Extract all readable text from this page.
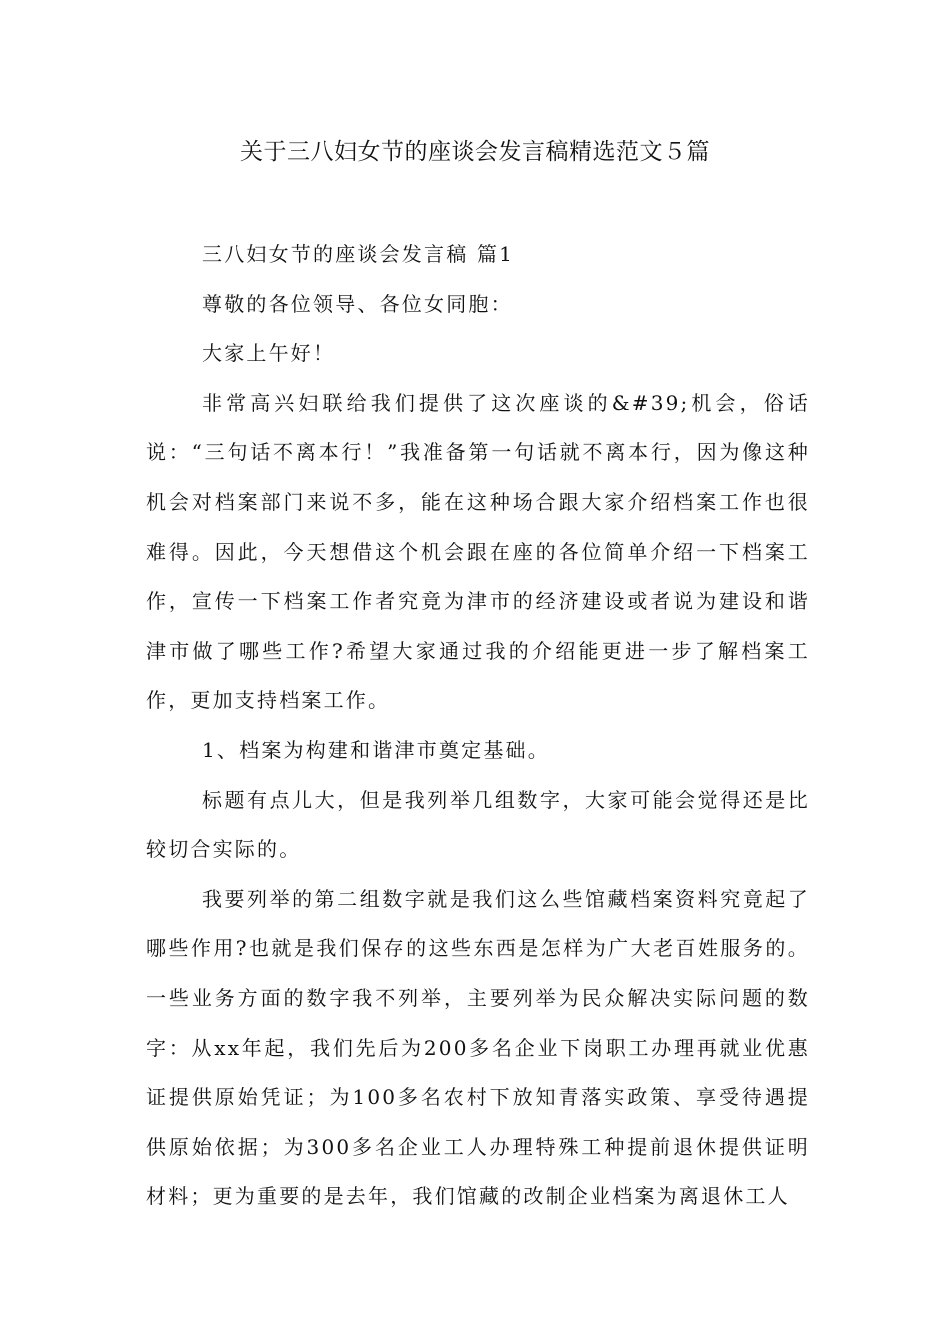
关于三八妇女节的座谈会发言稿精选范文５篇

三八妇女节的座谈会发言稿 篇1

尊敬的各位领导、各位女同胞：

大家上午好！

非常高兴妇联给我们提供了这次座谈的&#39;机会，俗话说：“三句话不离本行！”我准备第一句话就不离本行，因为像这种机会对档案部门来说不多，能在这种场合跟大家介绍档案工作也很难得。因此，今天想借这个机会跟在座的各位简单介绍一下档案工作，宣传一下档案工作者究竟为津市的经济建设或者说为建设和谐津市做了哪些工作?希望大家通过我的介绍能更进一步了解档案工作，更加支持档案工作。

1、档案为构建和谐津市奠定基础。

标题有点儿大，但是我列举几组数字，大家可能会觉得还是比较切合实际的。

我要列举的第二组数字就是我们这么些馆藏档案资料究竟起了哪些作用?也就是我们保存的这些东西是怎样为广大老百姓服务的。一些业务方面的数字我不列举，主要列举为民众解决实际问题的数字：从xx年起，我们先后为200多名企业下岗职工办理再就业优惠证提供原始凭证；为100多名农村下放知青落实政策、享受待遇提供原始依据；为300多名企业工人办理特殊工种提前退休提供证明材料；更为重要的是去年，我们馆藏的改制企业档案为离退休工人
